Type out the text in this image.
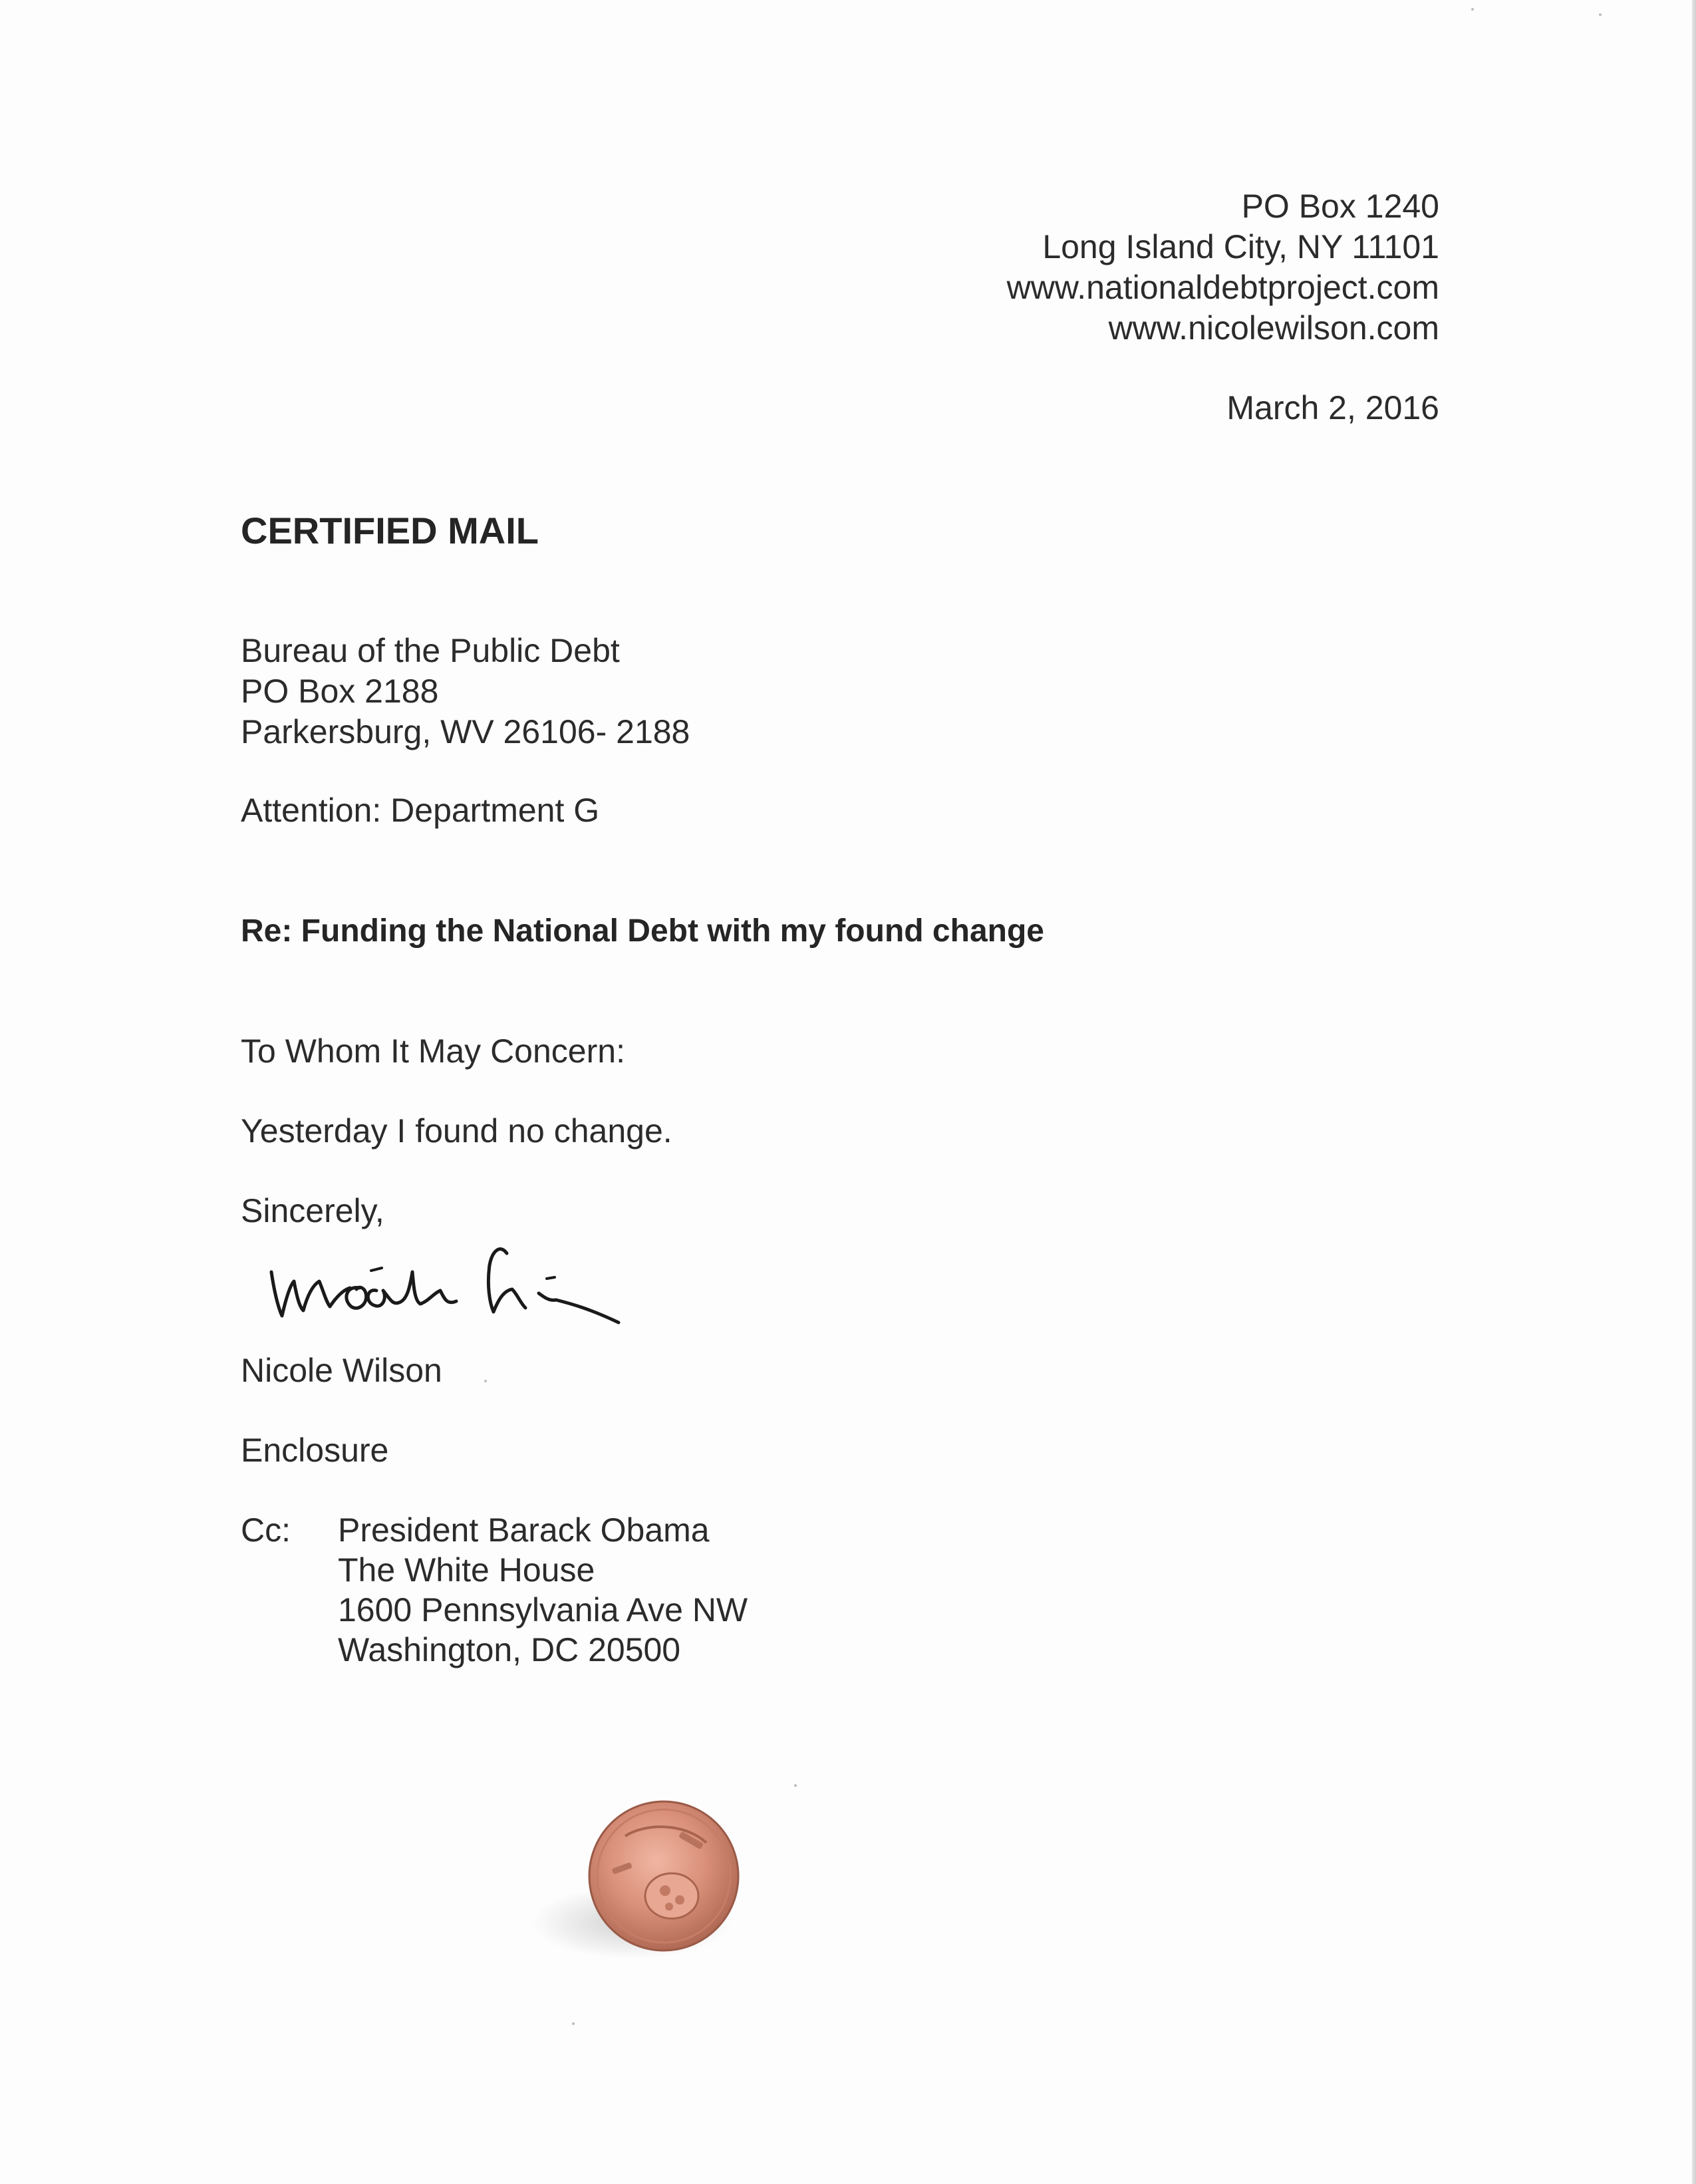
PO Box 1240
Long Island City, NY 11101
www.nationaldebtproject.com
www.nicolewilson.com
March 2, 2016
CERTIFIED MAIL
Bureau of the Public Debt
PO Box 2188
Parkersburg, WV 26106- 2188
Attention: Department G
Re: Funding the National Debt with my found change
To Whom It May Concern:
Yesterday I found no change.
Sincerely,
Nicole Wilson
Enclosure
Cc: President Barack Obama
The White House
1600 Pennsylvania Ave NW
Washington, DC 20500
